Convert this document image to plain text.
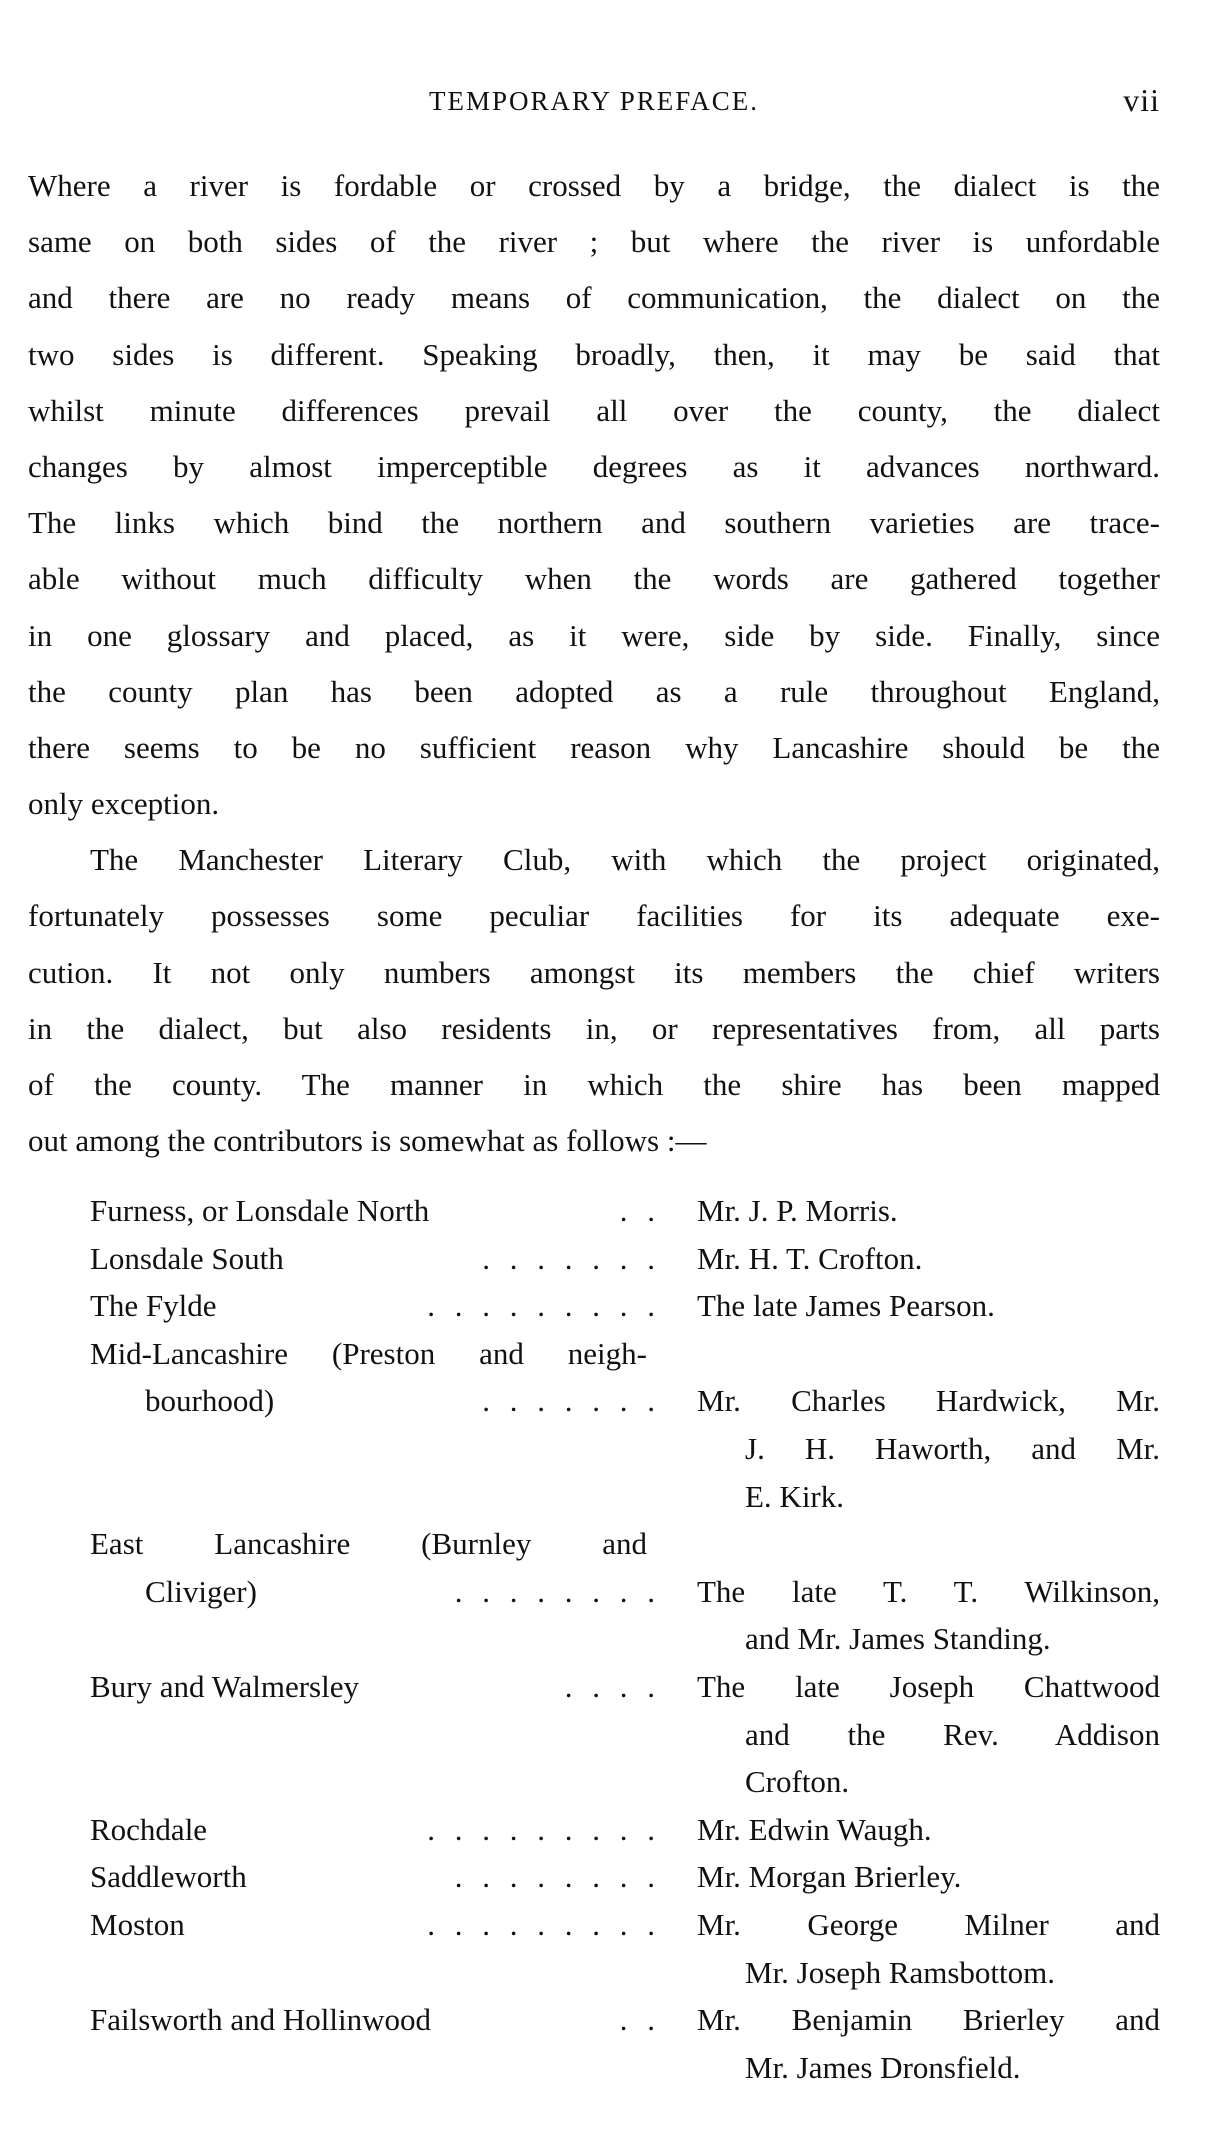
TEMPORARY PREFACE.	vii
Where a river is fordable or crossed by a bridge, the dialect is the
same on both sides of the river ; but where the river is unfordable
and there are no ready means of communication, the dialect on the
two sides is different. Speaking broadly, then, it may be said that
whilst minute differences prevail all over the county, the dialect
changes by almost imperceptible degrees as it advances northward.
The links which bind the northern and southern varieties are trace-
able without much difficulty when the words are gathered together
in one glossary and placed, as it were, side by side. Finally, since
the county plan has been adopted as a rule throughout England,
there seems to be no sufficient reason why Lancashire should be the
only exception.
The Manchester Literary Club, with which the project originated,
fortunately possesses some peculiar facilities for its adequate exe-
cution. It not only numbers amongst its members the chief writers
in the dialect, but also residents in, or representatives from, all parts
of the county. The manner in which the shire has been mapped
out among the contributors is somewhat as follows :—
Furness, or Lonsdale North	. . Mr. J. P. Morris.
Lonsdale South	. . . . . . . Mr. H. T. Crofton.
The Fylde	. . . . . . . . . The late James Pearson.
Mid-Lancashire (Preston and neigh-
bourhood)	. . . . . . . Mr. Charles Hardwick, Mr.
J. H. Haworth, and Mr.
E. Kirk.
East Lancashire (Burnley and
Cliviger)	. . . . . . . . The late T. T. Wilkinson,
and Mr. James Standing.
Bury and Walmersley	. . . . The late Joseph Chattwood
and the Rev. Addison
Crofton.
Rochdale	. . . . . . . . . Mr. Edwin Waugh.
Saddleworth	. . . . . . . . Mr. Morgan Brierley.
Moston	. . . . . . . . . Mr. George Milner and
Mr. Joseph Ramsbottom.
Failsworth and Hollinwood	. . Mr. Benjamin Brierley and
Mr. James Dronsfield.
